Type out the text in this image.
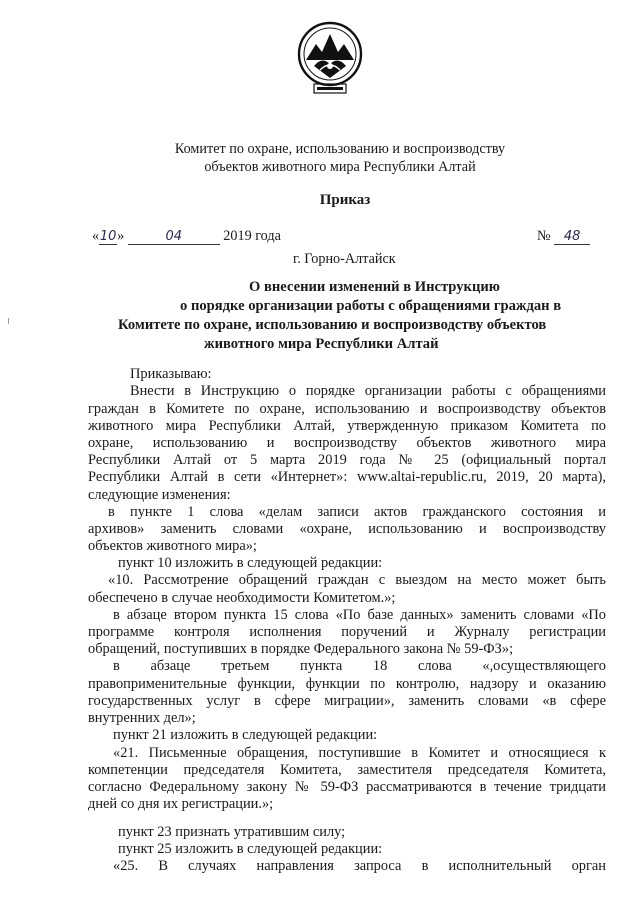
Комитет по охране, использованию и воспроизводству
объектов животного мира Республики Алтай
Приказ
«10»	04	2019 года	№ 48
г. Горно-Алтайск
О внесении изменений в Инструкцию
о порядке организации работы с обращениями граждан в
Комитете по охране, использованию и воспроизводству объектов
животного мира Республики Алтай
Приказываю:
Внести в Инструкцию о порядке организации работы с обращениями
граждан в Комитете по охране, использованию и воспроизводству объектов
животного мира Республики Алтай, утвержденную приказом Комитета по
охране, использованию и воспроизводству объектов животного мира
Республики Алтай от 5 марта 2019 года № 25 (официальный портал
Республики Алтай в сети «Интернет»: www.altai-republic.ru, 2019, 20 марта),
следующие изменения:
в пункте 1 слова «делам записи актов гражданского состояния и
архивов» заменить словами «охране, использованию и воспроизводству
объектов животного мира»;
пункт 10 изложить в следующей редакции:
«10. Рассмотрение обращений граждан с выездом на место может быть
обеспечено в случае необходимости Комитетом.»;
в абзаце втором пункта 15 слова «По базе данных» заменить словами «По
программе контроля исполнения поручений и Журналу регистрации
обращений, поступивших в порядке Федерального закона № 59-ФЗ»;
в абзаце третьем пункта 18 слова «,осуществляющего
правоприменительные функции, функции по контролю, надзору и оказанию
государственных услуг в сфере миграции», заменить словами «в сфере
внутренних дел»;
пункт 21 изложить в следующей редакции:
«21. Письменные обращения, поступившие в Комитет и относящиеся к
компетенции председателя Комитета, заместителя председателя Комитета,
согласно Федеральному закону № 59-ФЗ рассматриваются в течение тридцати
дней со дня их регистрации.»;
пункт 23 признать утратившим силу;
пункт 25 изложить в следующей редакции:
«25. В случаях направления запроса в исполнительный орган
